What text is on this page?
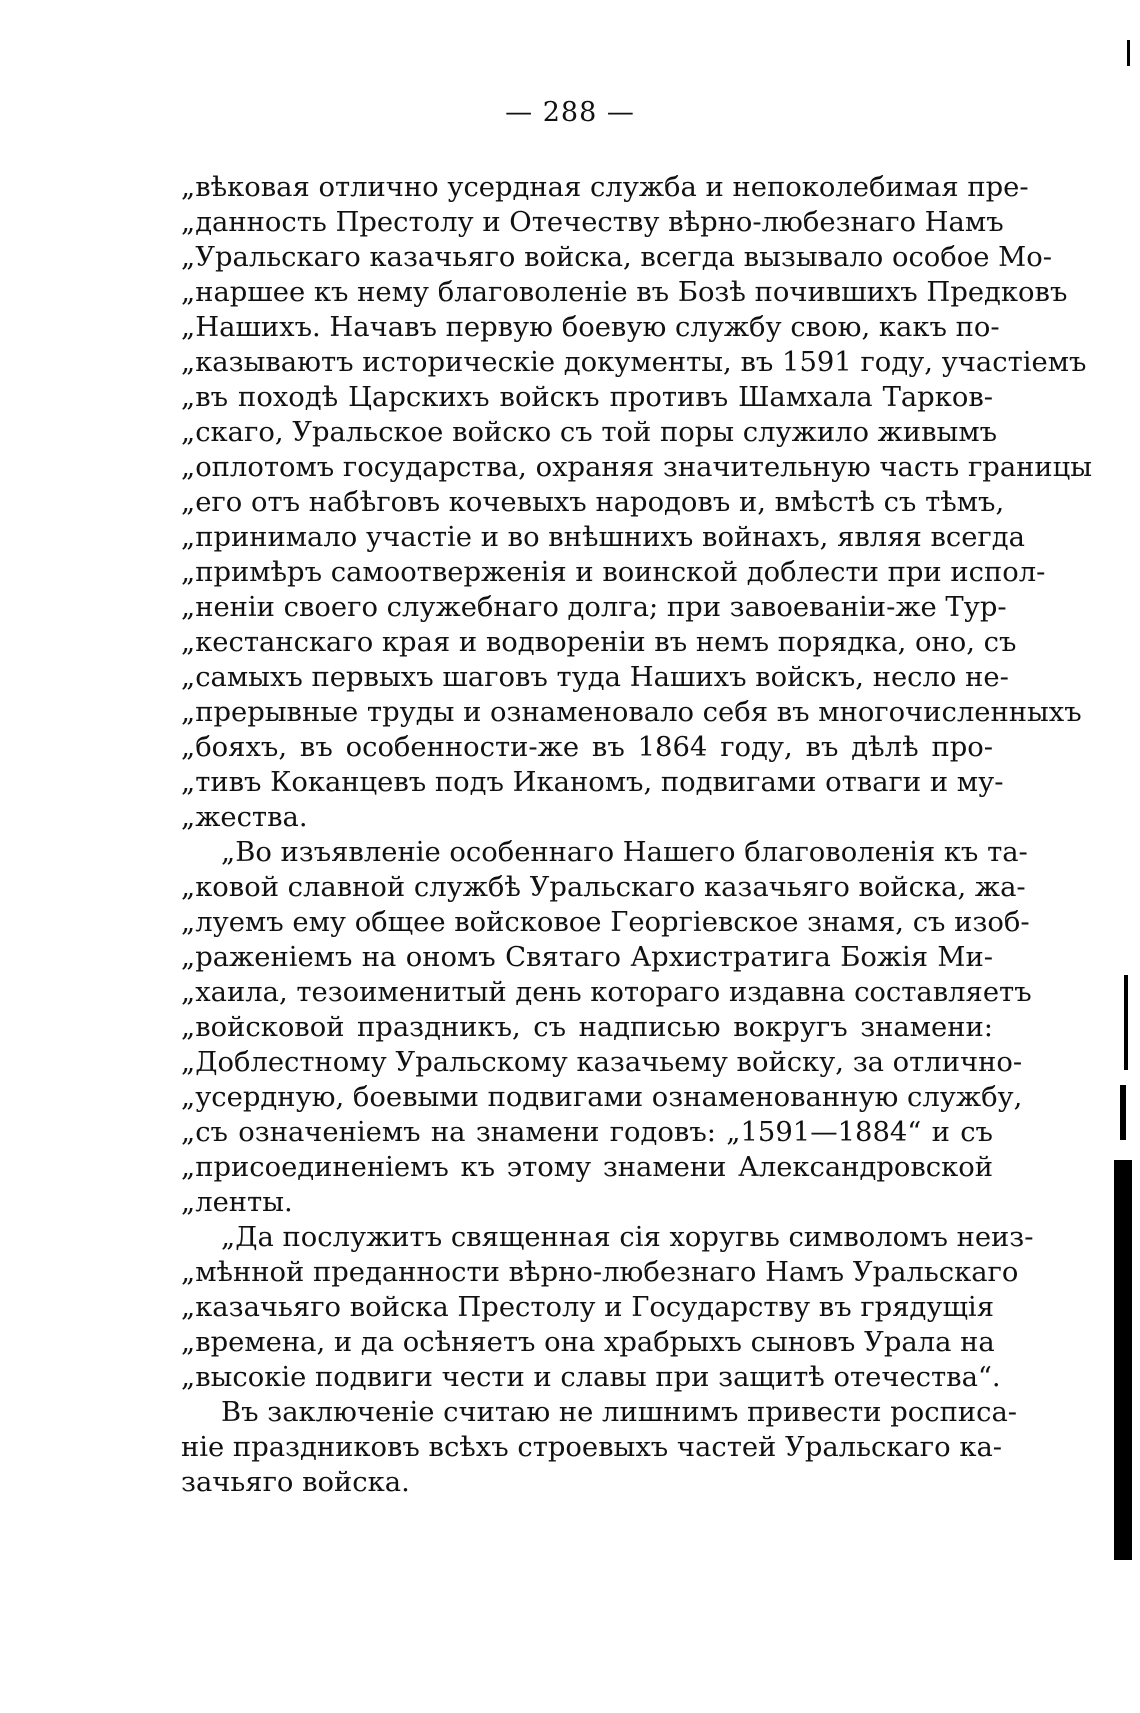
— 288 —
„вѣковая отлично усердная служба и непоколебимая пре-
„данность Престолу и Отечеству вѣрно-любезнаго Намъ
„Уральскаго казачьяго войска, всегда вызывало особое Мо-
„наршее къ нему благоволеніе въ Бозѣ почившихъ Предковъ
„Нашихъ. Начавъ первую боевую службу свою, какъ по-
„казываютъ историческіе документы, въ 1591 году, участіемъ
„въ походѣ Царскихъ войскъ противъ Шамхала Тарков-
„скаго, Уральское войско съ той поры служило живымъ
„оплотомъ государства, охраняя значительную часть границы
„его отъ набѣговъ кочевыхъ народовъ и, вмѣстѣ съ тѣмъ,
„принимало участіе и во внѣшнихъ войнахъ, являя всегда
„примѣръ самоотверженія и воинской доблести при испол-
„неніи своего служебнаго долга; при завоеваніи-же Тур-
„кестанскаго края и водвореніи въ немъ порядка, оно, съ
„самыхъ первыхъ шаговъ туда Нашихъ войскъ, несло не-
„прерывные труды и ознаменовало себя въ многочисленныхъ
„бояхъ, въ особенности-же въ 1864 году, въ дѣлѣ про-
„тивъ Коканцевъ подъ Иканомъ, подвигами отваги и му-
„жества.
„Во изъявленіе особеннаго Нашего благоволенія къ та-
„ковой славной службѣ Уральскаго казачьяго войска, жа-
„луемъ ему общее войсковое Георгіевское знамя, съ изоб-
„раженіемъ на ономъ Святаго Архистратига Божія Ми-
„хаила, тезоименитый день котораго издавна составляетъ
„войсковой праздникъ, съ надписью вокругъ знамени:
„Доблестному Уральскому казачьему войску, за отлично-
„усердную, боевыми подвигами ознаменованную службу,
„съ означеніемъ на знамени годовъ: „1591—1884“ и съ
„присоединеніемъ къ этому знамени Александровской
„ленты.
„Да послужитъ священная сія хоругвь символомъ неиз-
„мѣнной преданности вѣрно-любезнаго Намъ Уральскаго
„казачьяго войска Престолу и Государству въ грядущія
„времена, и да осѣняетъ она храбрыхъ сыновъ Урала на
„высокіе подвиги чести и славы при защитѣ отечества“.
Въ заключеніе считаю не лишнимъ привести росписа-
ніе праздниковъ всѣхъ строевыхъ частей Уральскаго ка-
зачьяго войска.
